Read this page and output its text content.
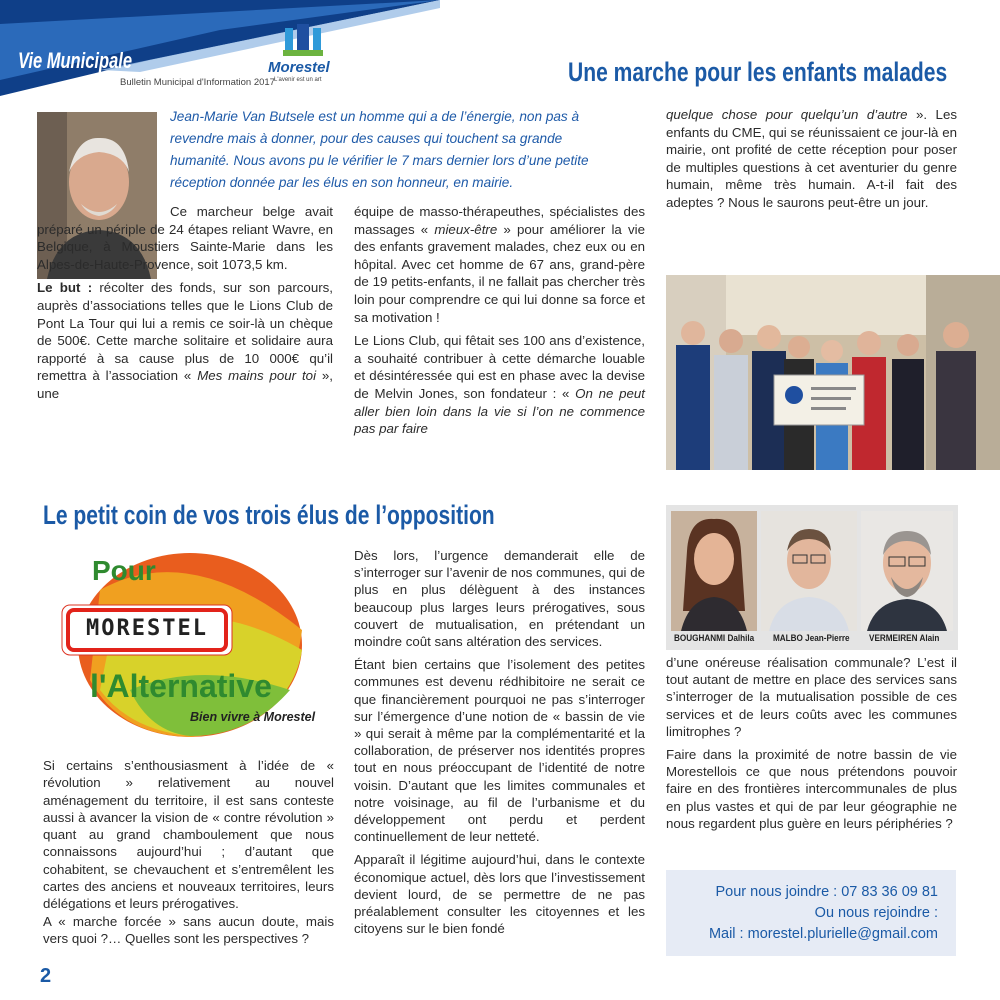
Vie Municipale
Bulletin Municipal d'Information 2017
Morestel
L'avenir est un art	Une marche pour les enfants malades
Jean-Marie Van Butsele est un homme qui a de l’énergie, non pas à revendre mais à donner, pour des causes qui touchent sa grande humanité. Nous avons pu le vérifier le 7 mars dernier lors d’une petite réception donnée par les élus en son honneur, en mairie.

Ce marcheur belge avait préparé un périple de 24 étapes reliant Wavre, en Belgique, à Moustiers Sainte-Marie dans les Alpes-de-Haute-Provence, soit 1073,5 km.

Le but : récolter des fonds, sur son parcours, auprès d’associations telles que le Lions Club de Pont La Tour qui lui a remis ce soir-là un chèque de 500€. Cette marche solitaire et solidaire aura rapporté à sa cause plus de 10 000€ qu’il remettra à l’association « Mes mains pour toi », une

équipe de masso-thérapeuthes, spécialistes des massages « mieux-être » pour améliorer la vie des enfants gravement malades, chez eux ou en hôpital. Avec cet homme de 67 ans, grand-père de 19 petits-enfants, il ne fallait pas chercher très loin pour comprendre ce qui lui donne sa force et sa motivation !

Le Lions Club, qui fêtait ses 100 ans d’existence, a souhaité contribuer à cette démarche louable et désintéressée qui est en phase avec la devise de Melvin Jones, son fondateur : « On ne peut aller bien loin dans la vie si l’on ne commence pas par faire

quelque chose pour quelqu’un d’autre ». Les enfants du CME, qui se réunissaient ce jour-là en mairie, ont profité de cette réception pour poser de multiples questions à cet aventurier du genre humain, même très humain. A-t-il fait des adeptes ? Nous le saurons peut-être un jour.

Le petit coin de vos trois élus de l’opposition
Pour
MORESTEL
l'Alternative
Bien vivre à Morestel

Si certains s’enthousiasment à l’idée de « révolution » relativement au nouvel aménagement du territoire, il est sans conteste aussi à avancer la vision de « contre révolution » quant au grand chamboulement que nous connaissons aujourd’hui ; d’autant que cohabitent, se chevauchent et s’entremêlent les cartes des anciens et nouveaux territoires, leurs délégations et leurs prérogatives.

A « marche forcée » sans aucun doute, mais vers quoi ?… Quelles sont les perspectives ?

Dès lors, l’urgence demanderait elle de s’interroger sur l’avenir de nos communes, qui de plus en plus délèguent à des instances beaucoup plus larges leurs prérogatives, sous couvert de mutualisation, en prétendant un moindre coût sans altération des services.

Étant bien certains que l’isolement des petites communes est devenu rédhibitoire ne serait ce que financièrement pourquoi ne pas s’interroger sur l’émergence d’une notion de « bassin de vie » qui serait à même par la complémentarité et la collaboration, de préserver nos identités propres tout en nous préoccupant de l’identité de notre voisin. D’autant que les limites communales et notre voisinage, au fil de l’urbanisme et du développement ont perdu et perdent continuellement de leur netteté.

Apparaît il légitime aujourd’hui, dans le contexte économique actuel, dès lors que l’investissement devient lourd, de se permettre de ne pas préalablement consulter les citoyennes et les citoyens sur le bien fondé

BOUGHANMI Dalhila MALBO Jean-Pierre VERMEIREN Alain

d’une onéreuse réalisation communale? L’est il tout autant de mettre en place des services sans s’interroger de la mutualisation possible de ces services et de leurs coûts avec les communes limitrophes ?

Faire dans la proximité de notre bassin de vie Morestellois ce que nous prétendons pouvoir faire en des frontières intercommunales de plus en plus vastes et qui de par leur géographie ne nous regardent plus guère en leurs périphéries ?

Pour nous joindre : 07 83 36 09 81
Ou nous rejoindre :
Mail : morestel.plurielle@gmail.com
2
